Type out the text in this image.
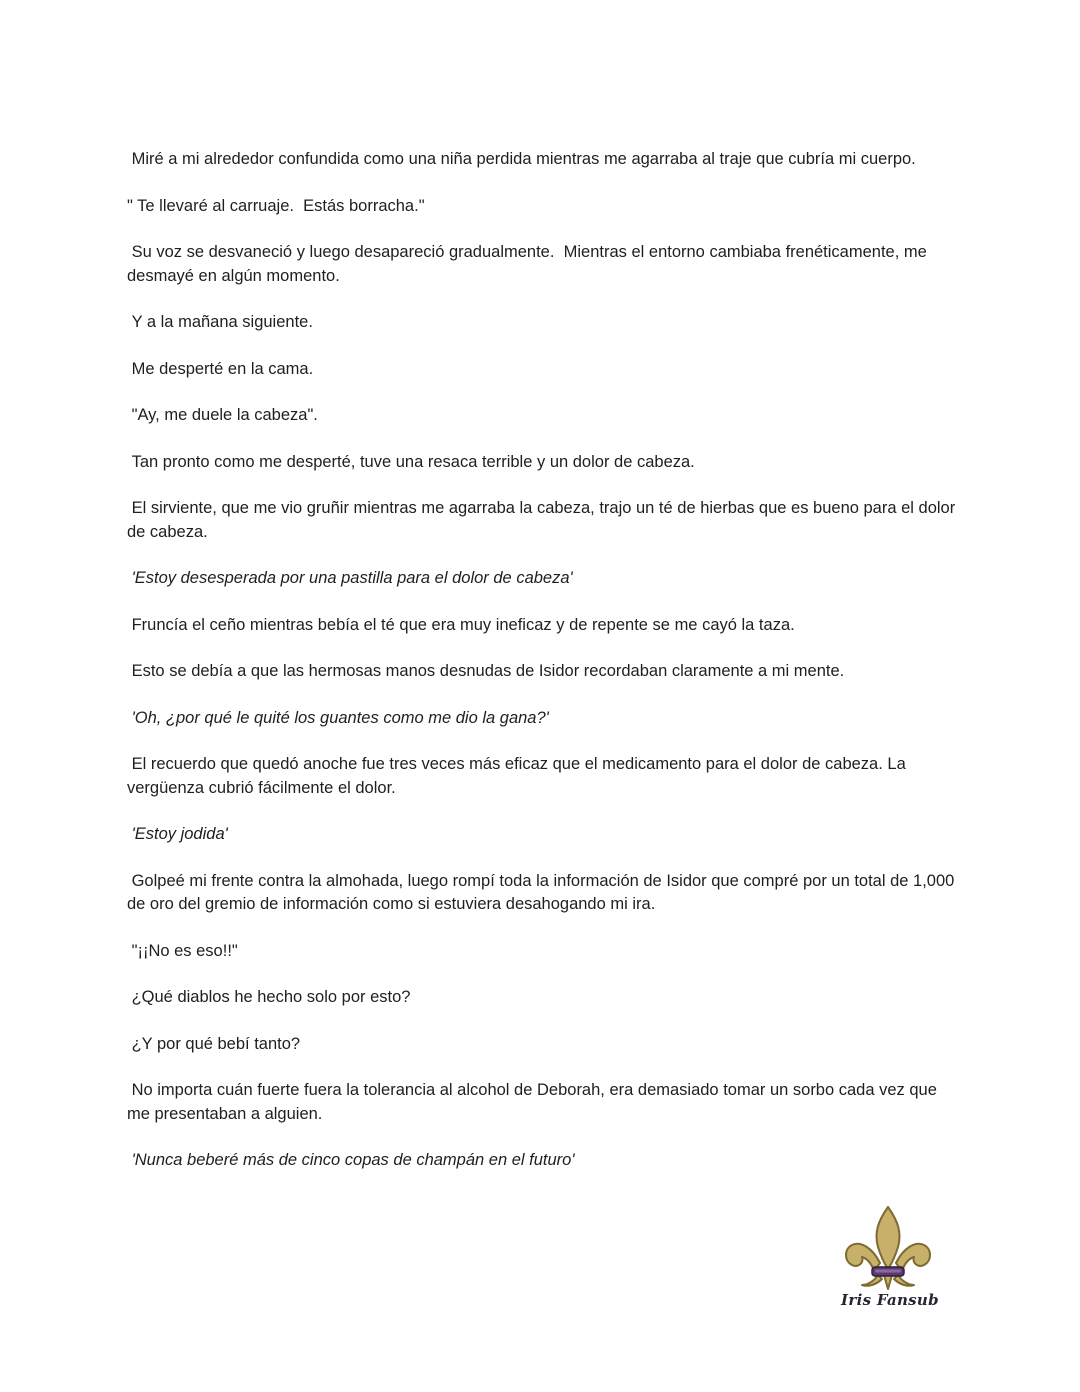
Miré a mi alrededor confundida como una niña perdida mientras me agarraba al traje que cubría mi cuerpo.

" Te llevaré al carruaje.  Estás borracha."

Su voz se desvaneció y luego desapareció gradualmente.  Mientras el entorno cambiaba frenéticamente, me desmayé en algún momento.

Y a la mañana siguiente.

Me desperté en la cama.

"Ay, me duele la cabeza".

Tan pronto como me desperté, tuve una resaca terrible y un dolor de cabeza.

El sirviente, que me vio gruñir mientras me agarraba la cabeza, trajo un té de hierbas que es bueno para el dolor de cabeza.

'Estoy desesperada por una pastilla para el dolor de cabeza'

Fruncía el ceño mientras bebía el té que era muy ineficaz y de repente se me cayó la taza.

Esto se debía a que las hermosas manos desnudas de Isidor recordaban claramente a mi mente.

'Oh, ¿por qué le quité los guantes como me dio la gana?'

El recuerdo que quedó anoche fue tres veces más eficaz que el medicamento para el dolor de cabeza. La vergüenza cubrió fácilmente el dolor.

'Estoy jodida'

Golpeé mi frente contra la almohada, luego rompí toda la información de Isidor que compré por un total de 1,000 de oro del gremio de información como si estuviera desahogando mi ira.

"¡¡No es eso!!"

¿Qué diablos he hecho solo por esto?

¿Y por qué bebí tanto?

No importa cuán fuerte fuera la tolerancia al alcohol de Deborah, era demasiado tomar un sorbo cada vez que me presentaban a alguien.

'Nunca beberé más de cinco copas de champán en el futuro'

Iris Fansub
